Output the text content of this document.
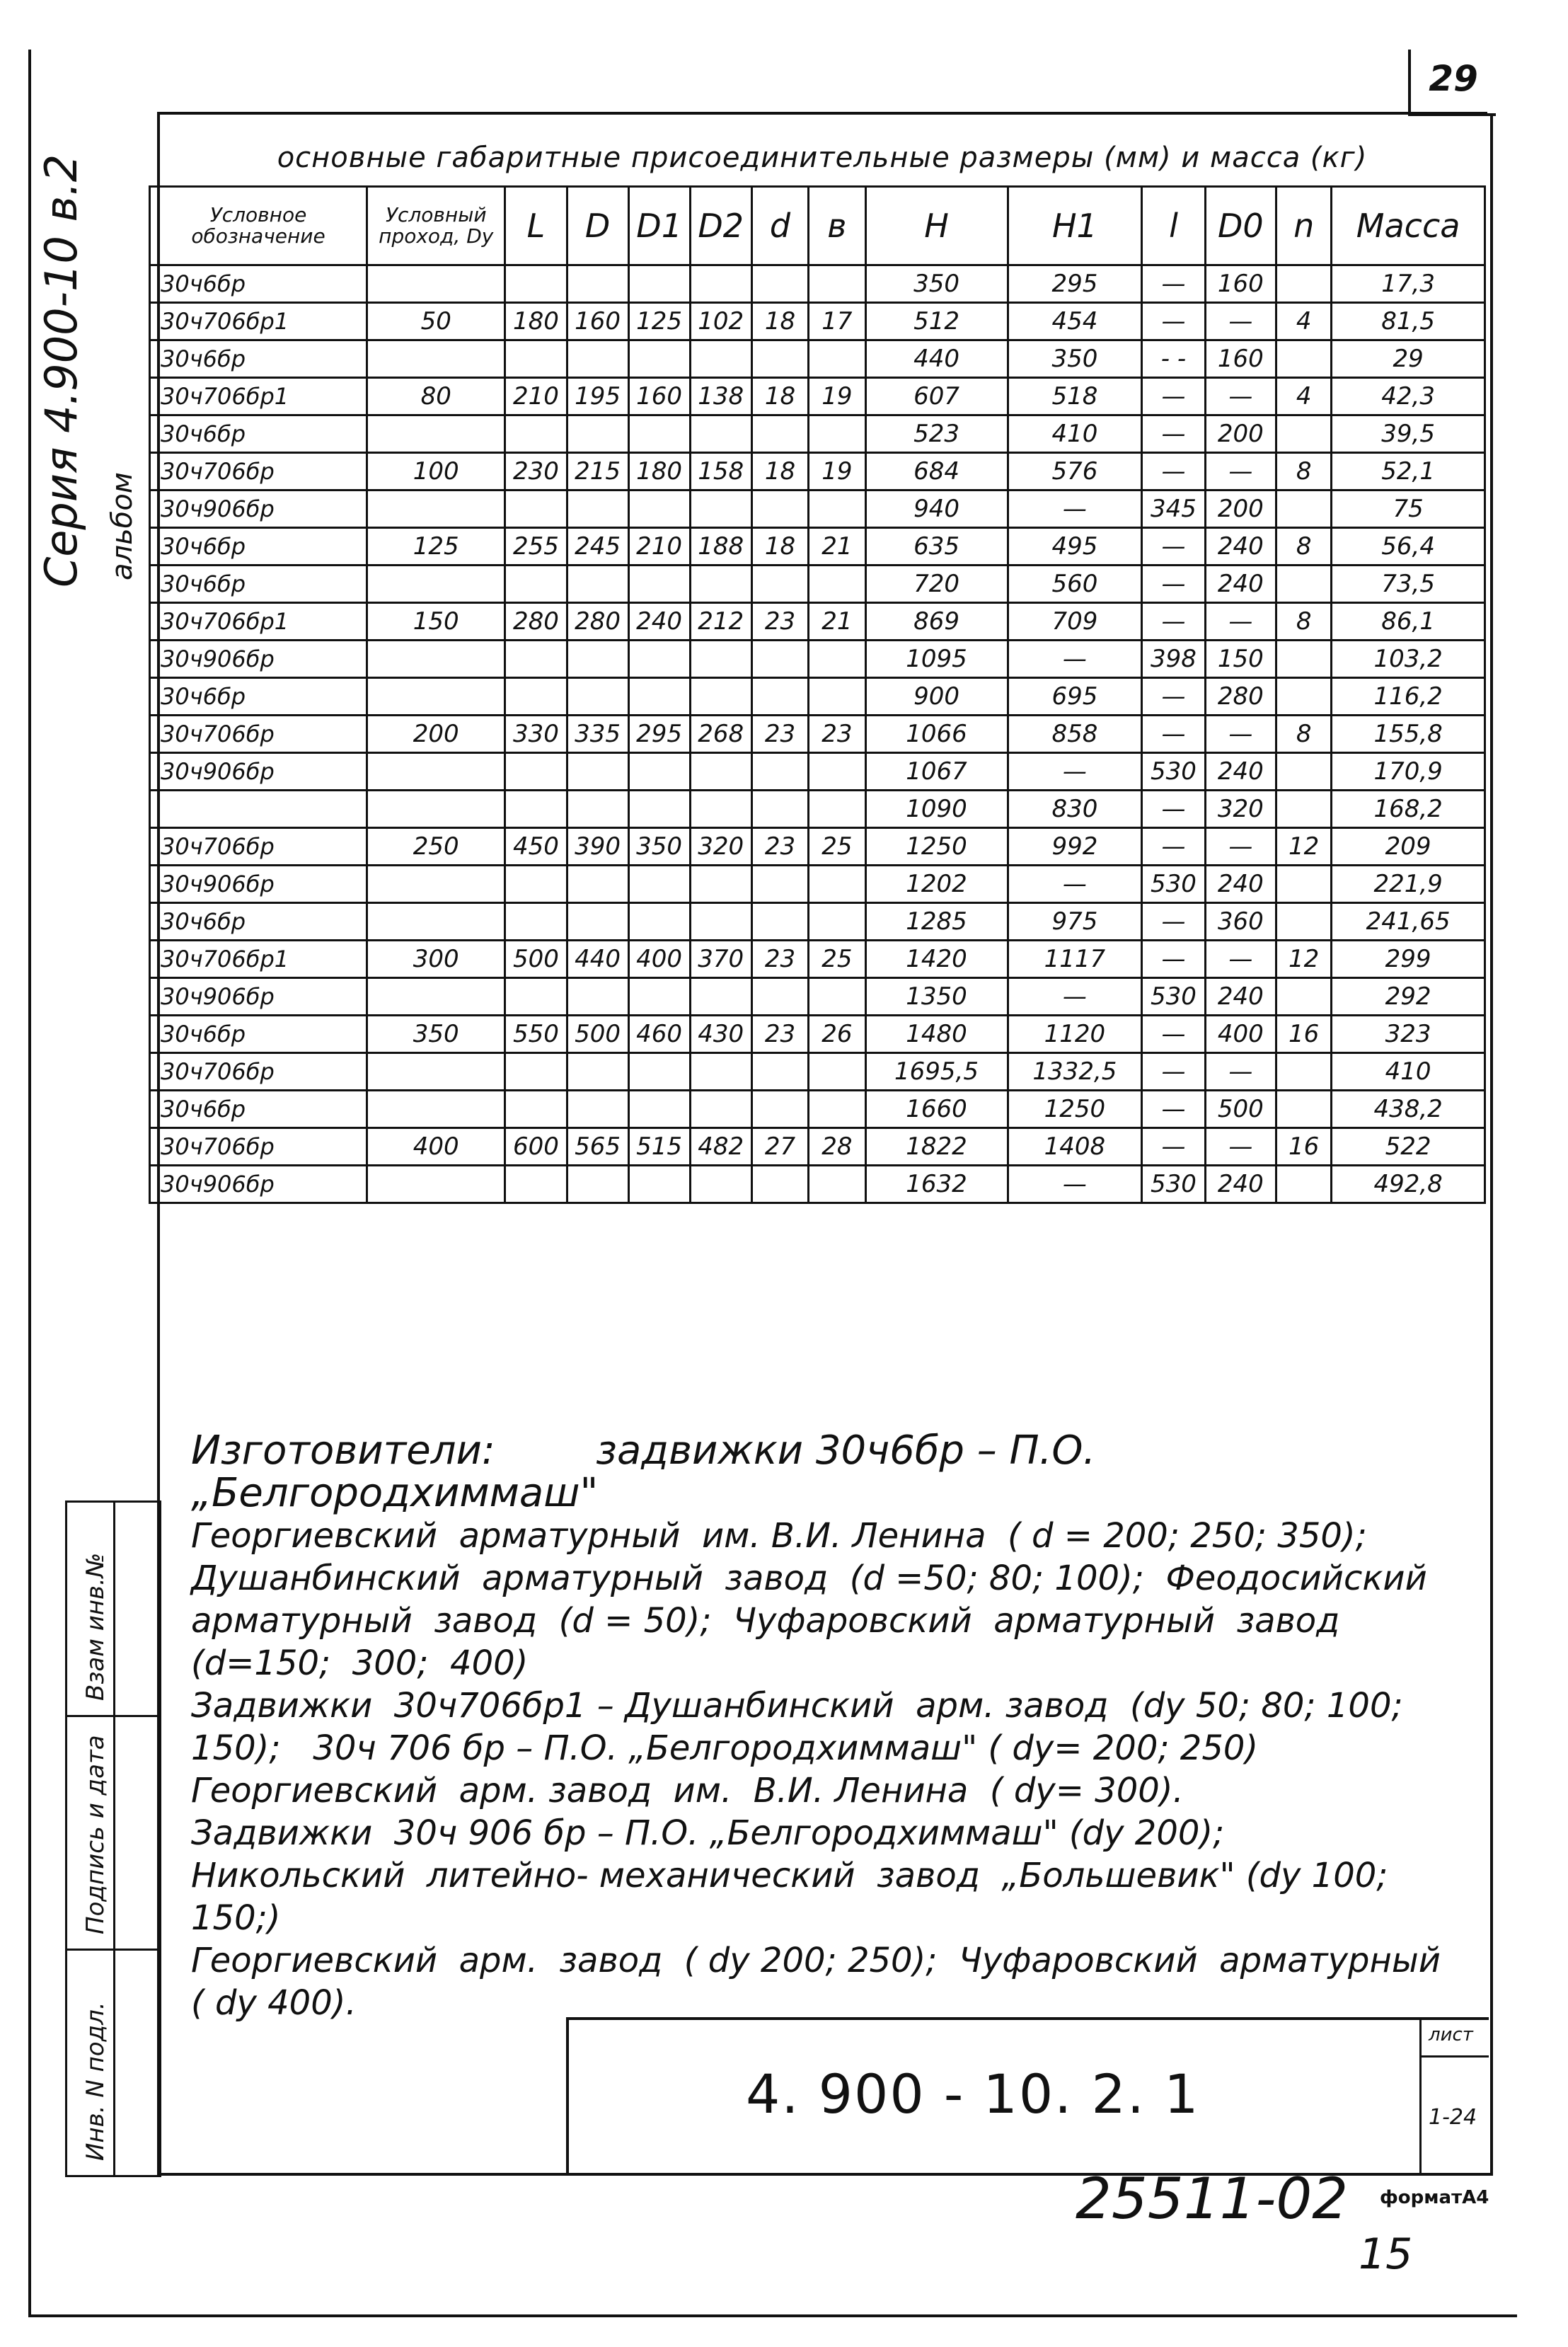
29
Серия 4.900-10 в.2 альбом
основные габаритные присоединительные размеры (мм) и масса (кг)
Условное обозначение	Условный проход, Dу	L	D	D1	D2	d	в	H	H1	l	D0	n	Масса
30ч6бр								350	295	—	160		17,3
30ч706бр1	50	180	160	125	102	18	17	512	454	—	—	4	81,5
30ч6бр								440	350	- -	160		29
30ч706бр1	80	210	195	160	138	18	19	607	518	—	—	4	42,3
30ч6бр								523	410	—	200		39,5
30ч706бр	100	230	215	180	158	18	19	684	576	—	—	8	52,1
30ч906бр								940	—	345	200		75
30ч6бр	125	255	245	210	188	18	21	635	495	—	240	8	56,4
30ч6бр								720	560	—	240		73,5
30ч706бр1	150	280	280	240	212	23	21	869	709	—	—	8	86,1
30ч906бр								1095	—	398	150		103,2
30ч6бр								900	695	—	280		116,2
30ч706бр	200	330	335	295	268	23	23	1066	858	—	—	8	155,8
30ч906бр								1067	—	530	240		170,9
								1090	830	—	320		168,2
30ч706бр	250	450	390	350	320	23	25	1250	992	—	—	12	209
30ч906бр								1202	—	530	240		221,9
30ч6бр								1285	975	—	360		241,65
30ч706бр1	300	500	440	400	370	23	25	1420	1117	—	—	12	299
30ч906бр								1350	—	530	240		292
30ч6бр	350	550	500	460	430	23	26	1480	1120	—	400	16	323
30ч706бр								1695,5	1332,5	—	—		410
30ч6бр								1660	1250	—	500		438,2
30ч706бр	400	600	565	515	482	27	28	1822	1408	—	—	16	522
30ч906бр								1632	—	530	240		492,8

Изготовители:        задвижки 30ч6бр – П.О. „Белгородхиммаш"

Георгиевский  арматурный  им. В.И. Ленина  ( d = 200; 250; 350);

Душанбинский  арматурный  завод  (d =50; 80; 100);  Феодосийский

арматурный  завод  (d = 50);  Чуфаровский  арматурный  завод

(d=150;  300;  400)

Задвижки  30ч706бр1 – Душанбинский  арм. завод  (dy 50; 80; 100;

150);   30ч 706 бр – П.О. „Белгородхиммаш" ( dy= 200; 250)

Георгиевский  арм. завод  им.  В.И. Ленина  ( dy= 300).

Задвижки  30ч 906 бр – П.О. „Белгородхиммаш" (dy 200);

Никольский  литейно- механический  завод  „Большевик" (dy 100; 150;)

Георгиевский  арм.  завод  ( dy 200; 250);  Чуфаровский  арматурный

( dy 400).

Взам инв.№
Подпись и дата
Инв. N подл.	4. 900 - 10. 2. 1
лист
1-24
25511-02 форматА4
15
